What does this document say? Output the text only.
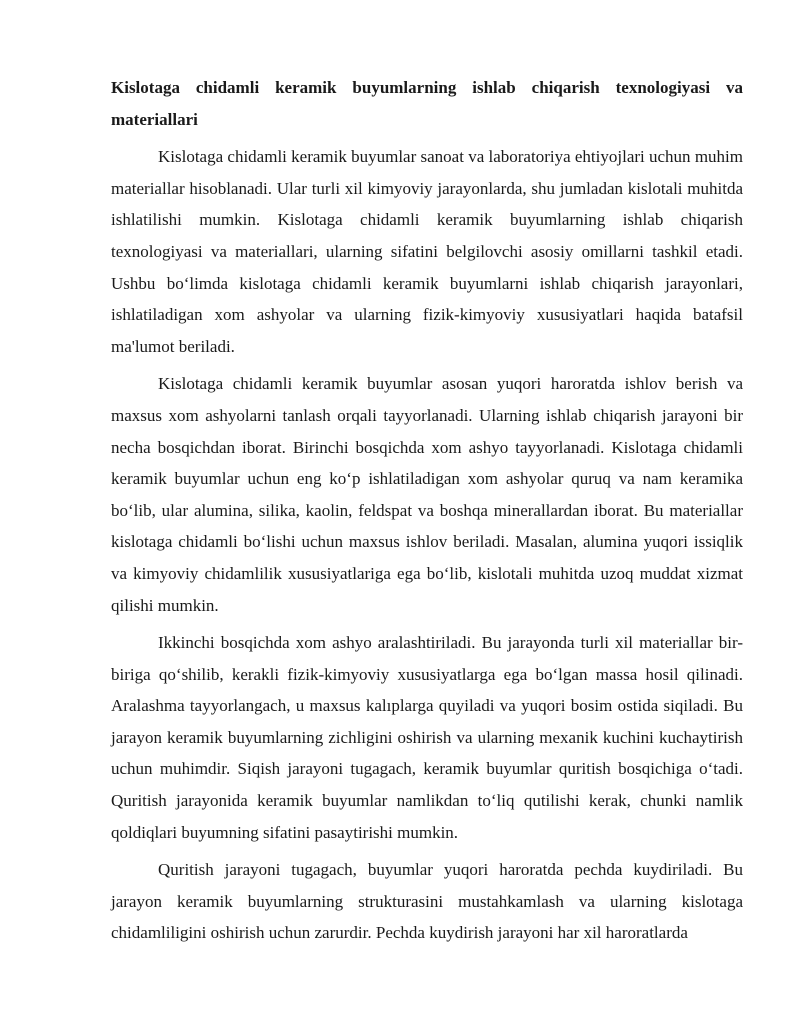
Kislotaga chidamli keramik buyumlarning ishlab chiqarish texnologiyasi va materiallari

Kislotaga chidamli keramik buyumlar sanoat va laboratoriya ehtiyojlari uchun muhim materiallar hisoblanadi. Ular turli xil kimyoviy jarayonlarda, shu jumladan kislotali muhitda ishlatilishi mumkin. Kislotaga chidamli keramik buyumlarning ishlab chiqarish texnologiyasi va materiallari, ularning sifatini belgilovchi asosiy omillarni tashkil etadi. Ushbu bo‘limda kislotaga chidamli keramik buyumlarni ishlab chiqarish jarayonlari, ishlatiladigan xom ashyolar va ularning fizik-kimyoviy xususiyatlari haqida batafsil ma'lumot beriladi.

Kislotaga chidamli keramik buyumlar asosan yuqori haroratda ishlov berish va maxsus xom ashyolarni tanlash orqali tayyorlanadi. Ularning ishlab chiqarish jarayoni bir necha bosqichdan iborat. Birinchi bosqichda xom ashyo tayyorlanadi. Kislotaga chidamli keramik buyumlar uchun eng ko‘p ishlatiladigan xom ashyolar quruq va nam keramika bo‘lib, ular alumina, silika, kaolin, feldspat va boshqa minerallardan iborat. Bu materiallar kislotaga chidamli bo‘lishi uchun maxsus ishlov beriladi. Masalan, alumina yuqori issiqlik va kimyoviy chidamlilik xususiyatlariga ega bo‘lib, kislotali muhitda uzoq muddat xizmat qilishi mumkin.

Ikkinchi bosqichda xom ashyo aralashtiriladi. Bu jarayonda turli xil materiallar bir-biriga qo‘shilib, kerakli fizik-kimyoviy xususiyatlarga ega bo‘lgan massa hosil qilinadi. Aralashma tayyorlangach, u maxsus kalıplarga quyiladi va yuqori bosim ostida siqiladi. Bu jarayon keramik buyumlarning zichligini oshirish va ularning mexanik kuchini kuchaytirish uchun muhimdir. Siqish jarayoni tugagach, keramik buyumlar quritish bosqichiga o‘tadi. Quritish jarayonida keramik buyumlar namlikdan to‘liq qutilishi kerak, chunki namlik qoldiqlari buyumning sifatini pasaytirishi mumkin.

Quritish jarayoni tugagach, buyumlar yuqori haroratda pechda kuydiriladi. Bu jarayon keramik buyumlarning strukturasini mustahkamlash va ularning kislotaga chidamliligini oshirish uchun zarurdir. Pechda kuydirish jarayoni har xil haroratlarda
